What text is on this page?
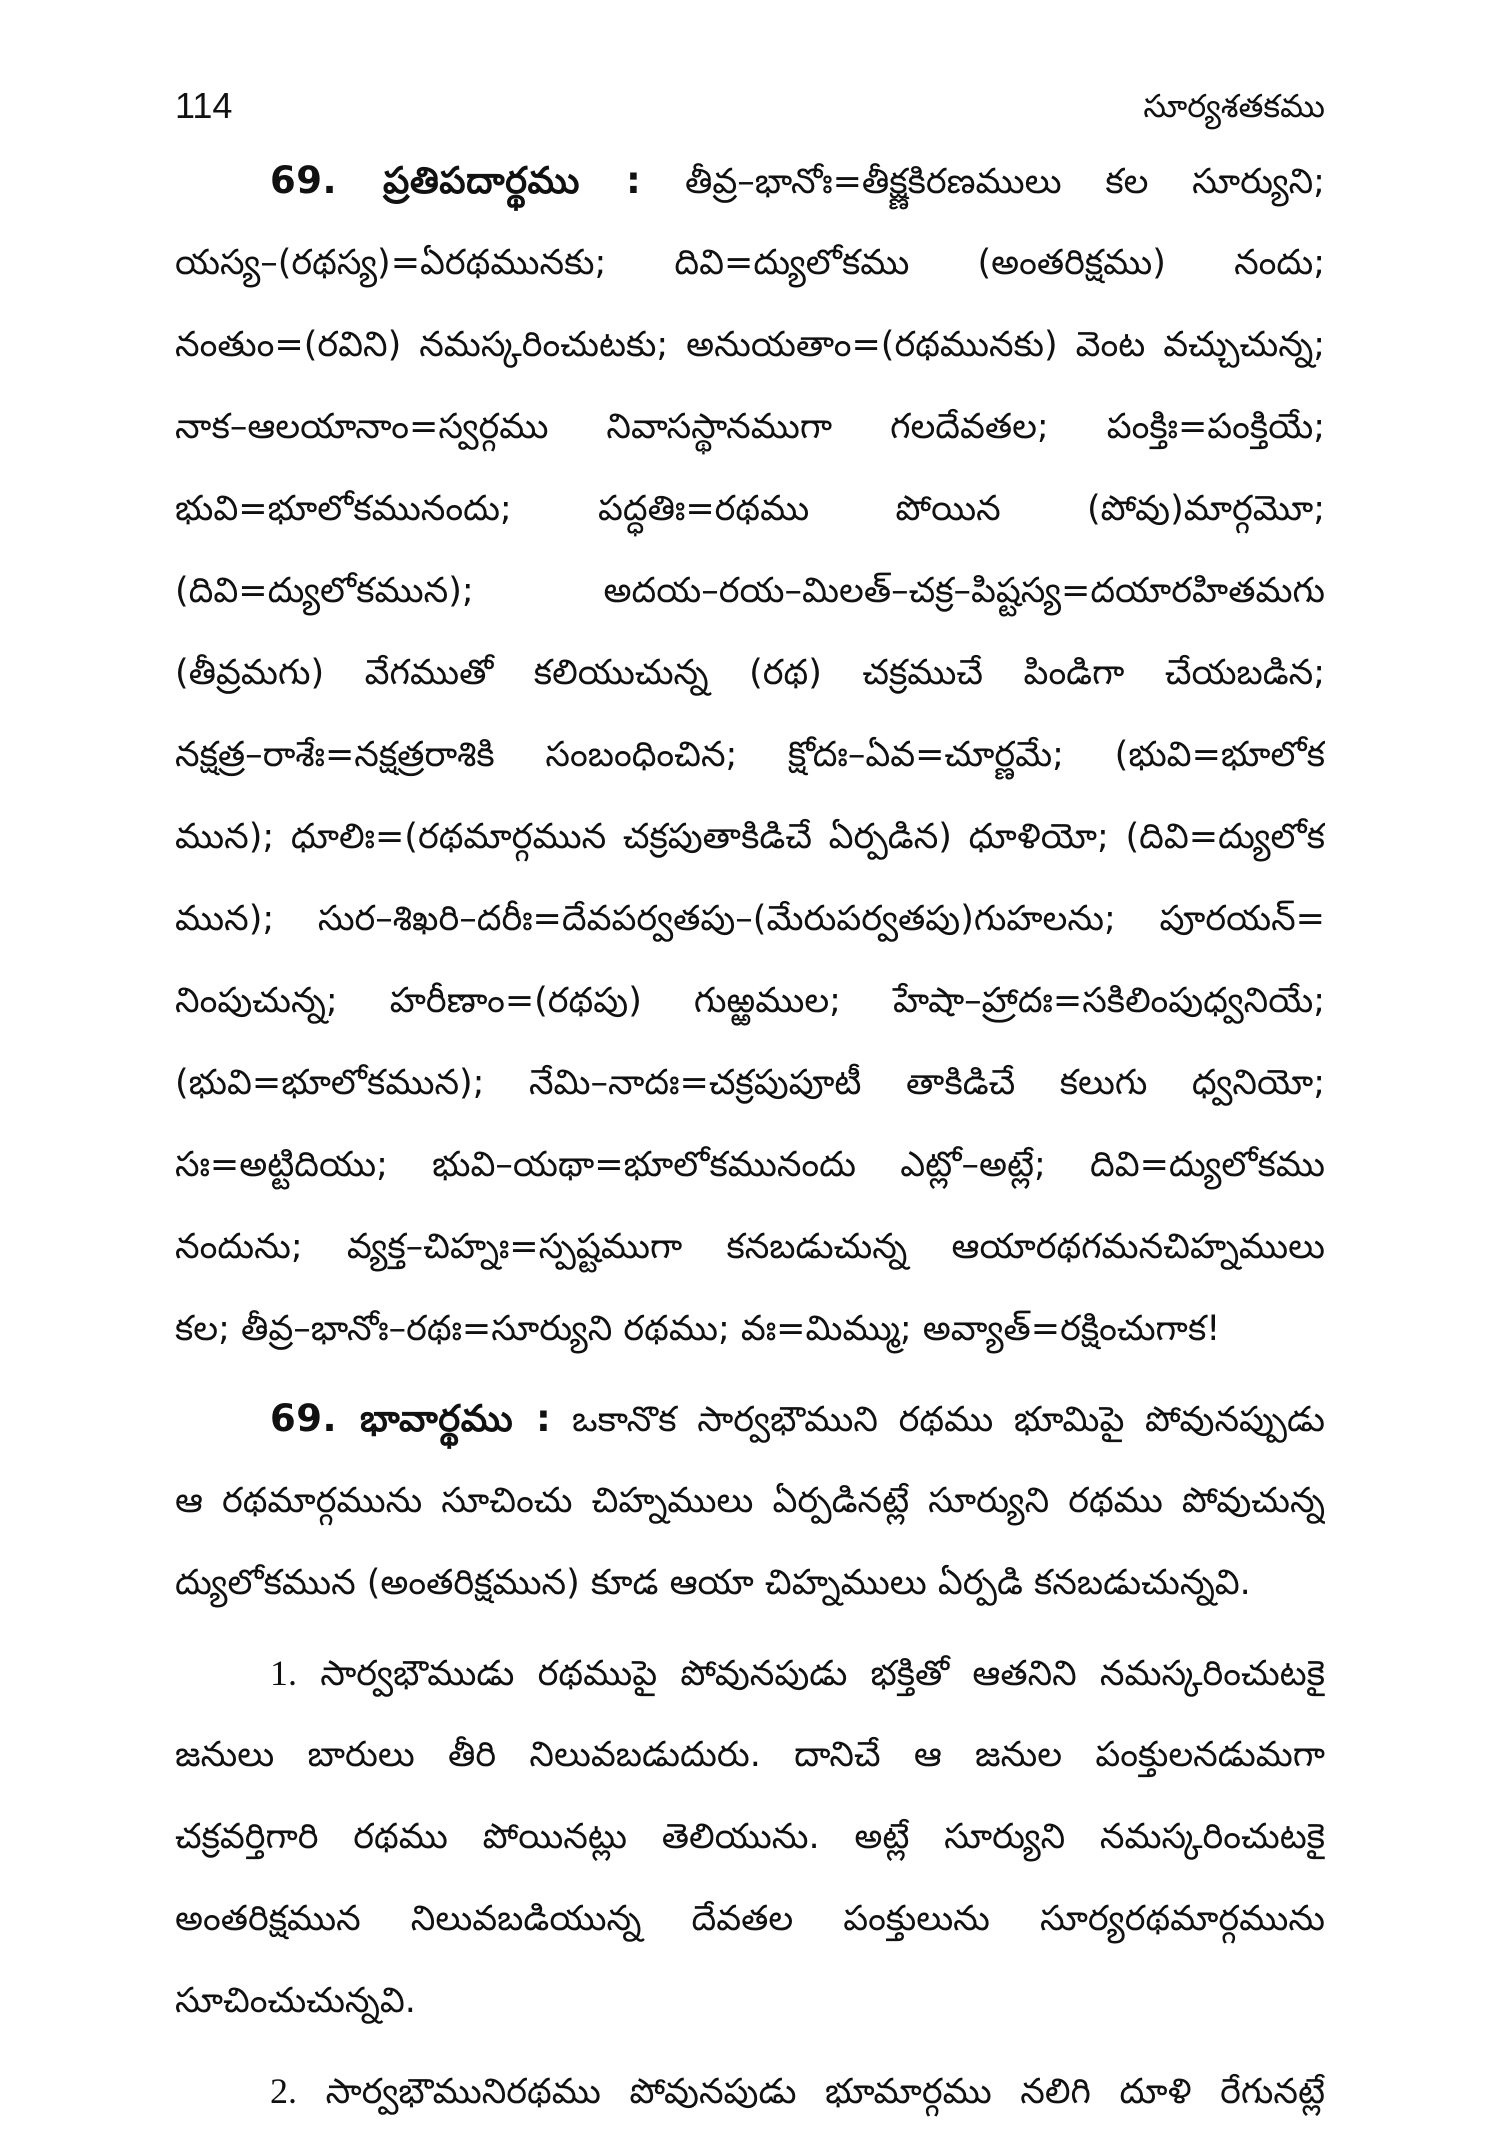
114	సూర్యశతకము
69. ప్రతిపదార్థము : తీవ్ర–భానోః=తీక్ష్ణకిరణములు కల సూర్యుని;
యస్య–(రథస్య)=ఏరథమునకు; దివి=ద్యులోకము (అంతరిక్షము) నందు;
నంతుం=(రవిని) నమస్కరించుటకు; అనుయతాం=(రథమునకు) వెంట వచ్చుచున్న;
నాక–ఆలయానాం=స్వర్గము నివాసస్థానముగా గలదేవతల; పంక్తిః=పంక్తియే;
భువి=భూలోకమునందు; పద్ధతిః=రథము పోయిన (పోవు)మార్గమెూ;
(దివి=ద్యులోకమున); అదయ–రయ–మిలత్–చక్ర–పిష్టస్య=దయారహితమగు
(తీవ్రమగు) వేగముతో కలియుచున్న (రథ) చక్రముచే పిండిగా చేయబడిన;
నక్షత్ర–రాశేః=నక్షత్రరాశికి సంబంధించిన; క్షోదః–ఏవ=చూర్ణమే; (భువి=భూలోక
మున); ధూలిః=(రథమార్గమున చక్రపుతాకిడిచే ఏర్పడిన) ధూళియో; (దివి=ద్యులోక
మున); సుర–శిఖరి–దరీః=దేవపర్వతపు–(మేరుపర్వతపు)గుహలను; పూరయన్=
నింపుచున్న; హరీణాం=(రథపు) గుఱ్ఱముల; హేషా–హ్రాదః=సకిలింపుధ్వనియే;
(భువి=భూలోకమున); నేమి–నాదః=చక్రపుపూటీ తాకిడిచే కలుగు ధ్వనియో;
సః=అట్టిదియు; భువి–యథా=భూలోకమునందు ఎట్లో–అట్లే; దివి=ద్యులోకము
నందును; వ్యక్త–చిహ్నః=స్పష్టముగా కనబడుచున్న ఆయారథగమనచిహ్నములు
కల; తీవ్ర–భానోః–రథః=సూర్యుని రథము; వః=మిమ్ము; అవ్యాత్=రక్షించుగాక!
69. భావార్థము : ఒకానొక సార్వభౌముని రథము భూమిపై పోవునప్పుడు
ఆ రథమార్గమును సూచించు చిహ్నములు ఏర్పడినట్లే సూర్యుని రథము పోవుచున్న
ద్యులోకమున (అంతరిక్షమున) కూడ ఆయా చిహ్నములు ఏర్పడి కనబడుచున్నవి.
1. సార్వభౌముడు రథముపై పోవునపుడు భక్తితో ఆతనిని నమస్కరించుటకై
జనులు బారులు తీరి నిలువబడుదురు. దానిచే ఆ జనుల పంక్తులనడుమగా
చక్రవర్తిగారి రథము పోయినట్లు తెలియును. అట్లే సూర్యుని నమస్కరించుటకై
అంతరిక్షమున నిలువబడియున్న దేవతల పంక్తులును సూర్యరథమార్గమును
సూచించుచున్నవి.
2. సార్వభౌమునిరథము పోవునపుడు భూమార్గము నలిగి దూళి రేగునట్లే
